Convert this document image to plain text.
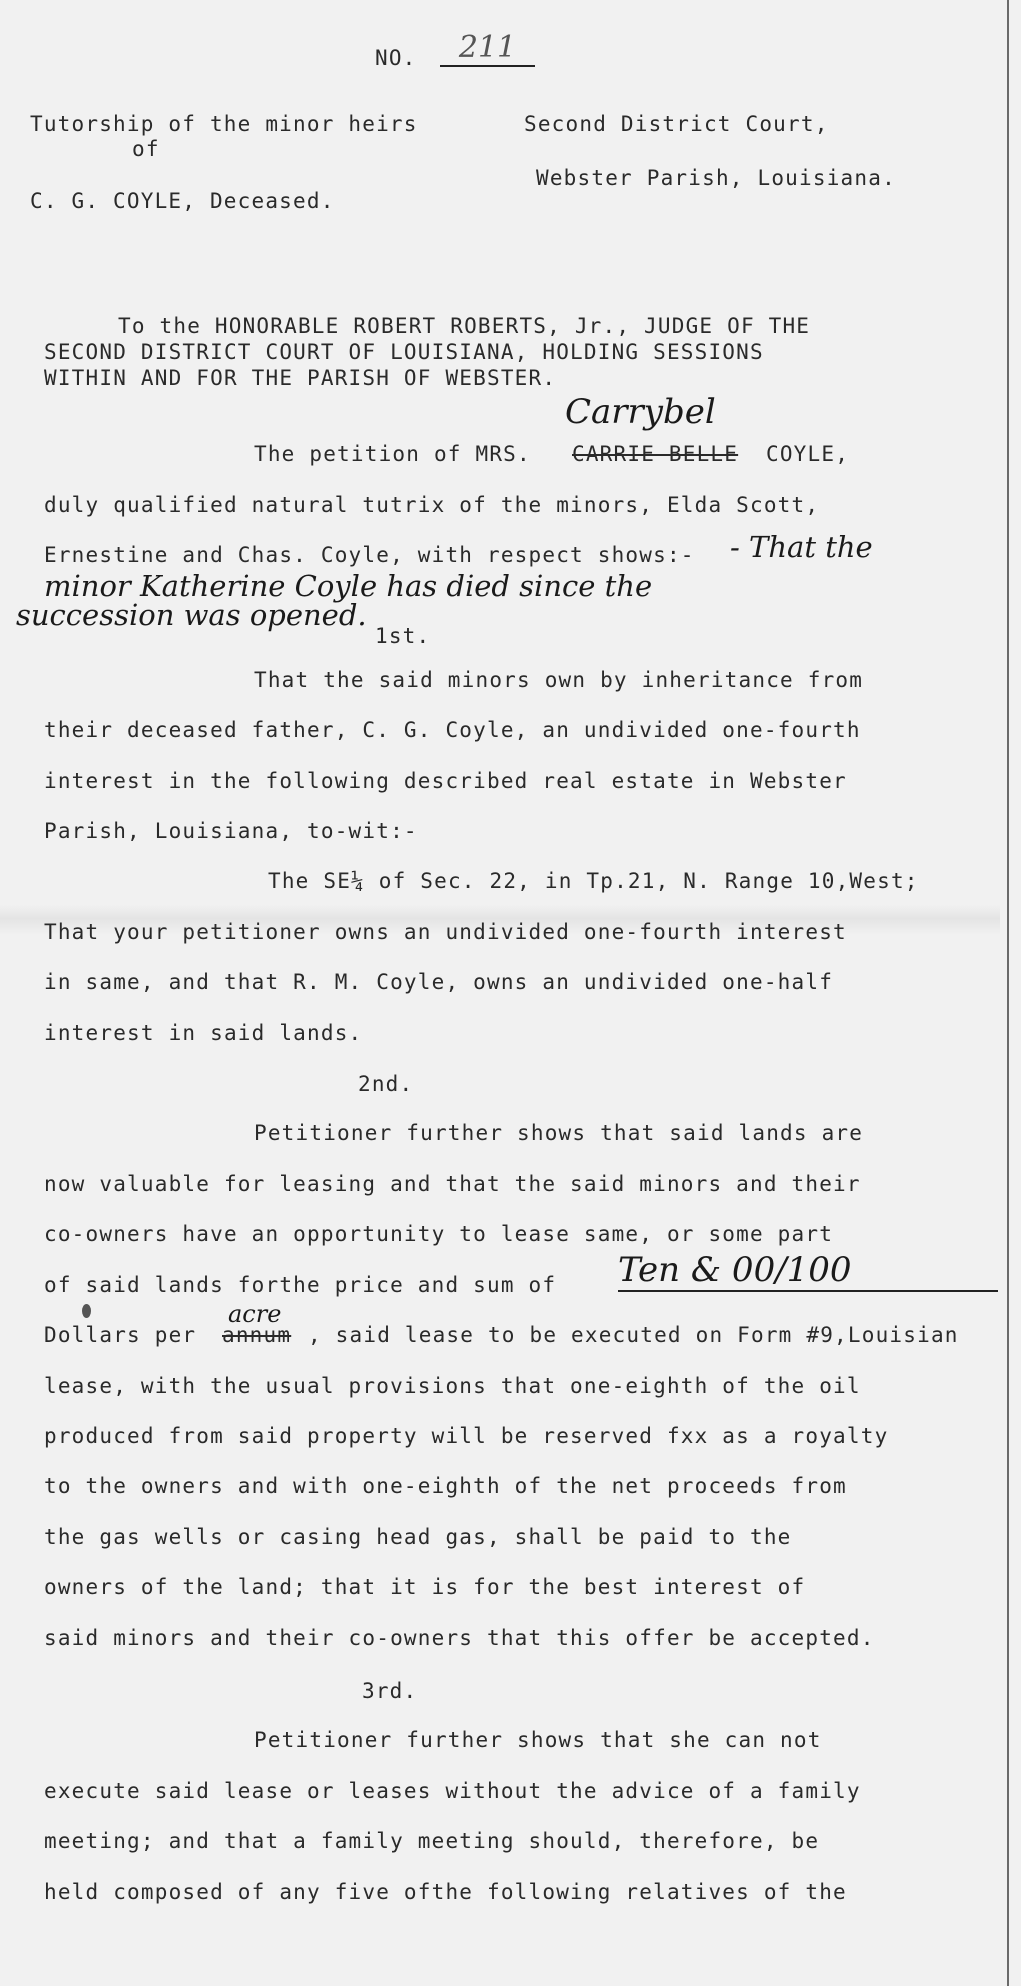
NO.	211
Tutorship of the minor heirs
of
C. G. COYLE, Deceased.
Second District Court,
Webster Parish, Louisiana.
To the HONORABLE ROBERT ROBERTS, Jr., JUDGE OF THE
SECOND DISTRICT COURT OF LOUISIANA, HOLDING SESSIONS
WITHIN AND FOR THE PARISH OF WEBSTER.
Carrybel
The petition of MRS. CARRIE BELLE COYLE,
duly qualified natural tutrix of the minors, Elda Scott,
Ernestine and Chas. Coyle, with respect shows:- - That the
minor Katherine Coyle has died since the
succession was opened.
1st.
That the said minors own by inheritance from
their deceased father, C. G. Coyle, an undivided one-fourth
interest in the following described real estate in Webster
Parish, Louisiana, to-wit:-
The SE¼ of Sec. 22, in Tp.21, N. Range 10,West;
That your petitioner owns an undivided one-fourth interest
in same, and that R. M. Coyle, owns an undivided one-half
interest in said lands.
2nd.
Petitioner further shows that said lands are
now valuable for leasing and that the said minors and their
co-owners have an opportunity to lease same, or some part
of said lands forthe price and sum of Ten & 00/100
acre
Dollars per annum , said lease to be executed on Form #9,Louisian
lease, with the usual provisions that one-eighth of the oil
produced from said property will be reserved fxx as a royalty
to the owners and with one-eighth of the net proceeds from
the gas wells or casing head gas, shall be paid to the
owners of the land; that it is for the best interest of
said minors and their co-owners that this offer be accepted.
3rd.
Petitioner further shows that she can not
execute said lease or leases without the advice of a family
meeting; and that a family meeting should, therefore, be
held composed of any five ofthe following relatives of the
